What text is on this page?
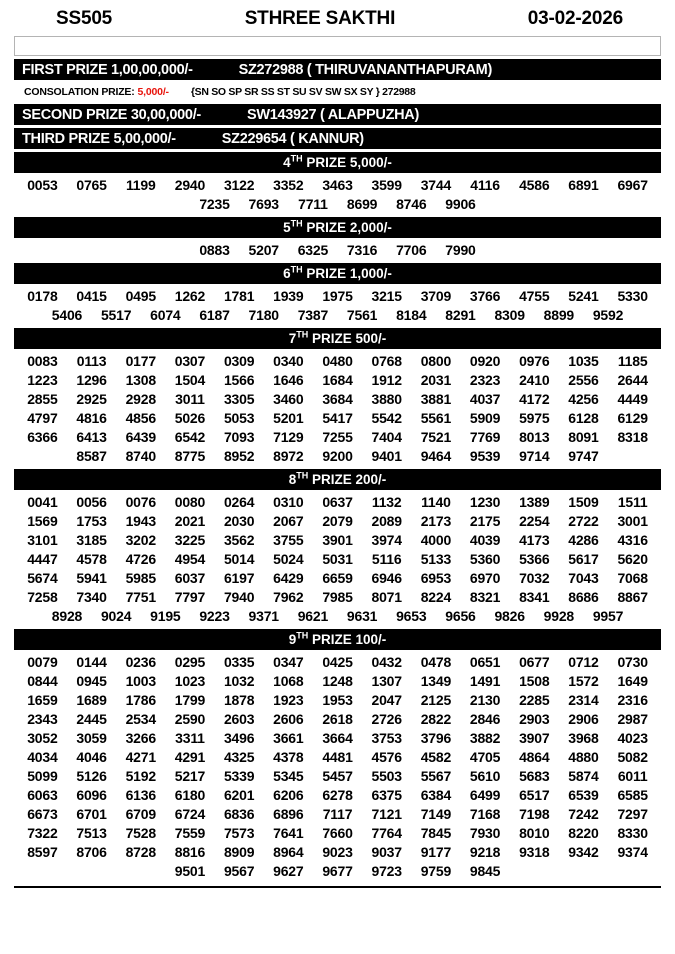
SS505	STHREE SAKTHI	03-02-2026
FIRST PRIZE 1,00,00,000/-	SZ272988 ( THIRUVANANTHAPURAM)
CONSOLATION PRIZE: 5,000/-	{SN SO SP SR SS ST SU SV SW SX SY } 272988
SECOND PRIZE 30,00,000/-	SW143927 ( ALAPPUZHA)
THIRD PRIZE 5,00,000/-	SZ229654 ( KANNUR)
4TH PRIZE 5,000/-
0053	0765	1199	2940	3122	3352	3463	3599	3744	4116	4586	6891	6967
7235	7693	7711	8699	8746	9906
5TH PRIZE 2,000/-
0883	5207	6325	7316	7706	7990
6TH PRIZE 1,000/-
0178	0415	0495	1262	1781	1939	1975	3215	3709	3766	4755	5241	5330
5406	5517	6074	6187	7180	7387	7561	8184	8291	8309	8899	9592
7TH PRIZE 500/-
0083	0113	0177	0307	0309	0340	0480	0768	0800	0920	0976	1035	1185
1223	1296	1308	1504	1566	1646	1684	1912	2031	2323	2410	2556	2644
2855	2925	2928	3011	3305	3460	3684	3880	3881	4037	4172	4256	4449
4797	4816	4856	5026	5053	5201	5417	5542	5561	5909	5975	6128	6129
6366	6413	6439	6542	7093	7129	7255	7404	7521	7769	8013	8091	8318
8587	8740	8775	8952	8972	9200	9401	9464	9539	9714	9747
8TH PRIZE 200/-
0041	0056	0076	0080	0264	0310	0637	1132	1140	1230	1389	1509	1511
1569	1753	1943	2021	2030	2067	2079	2089	2173	2175	2254	2722	3001
3101	3185	3202	3225	3562	3755	3901	3974	4000	4039	4173	4286	4316
4447	4578	4726	4954	5014	5024	5031	5116	5133	5360	5366	5617	5620
5674	5941	5985	6037	6197	6429	6659	6946	6953	6970	7032	7043	7068
7258	7340	7751	7797	7940	7962	7985	8071	8224	8321	8341	8686	8867
8928	9024	9195	9223	9371	9621	9631	9653	9656	9826	9928	9957
9TH PRIZE 100/-
0079	0144	0236	0295	0335	0347	0425	0432	0478	0651	0677	0712	0730
0844	0945	1003	1023	1032	1068	1248	1307	1349	1491	1508	1572	1649
1659	1689	1786	1799	1878	1923	1953	2047	2125	2130	2285	2314	2316
2343	2445	2534	2590	2603	2606	2618	2726	2822	2846	2903	2906	2987
3052	3059	3266	3311	3496	3661	3664	3753	3796	3882	3907	3968	4023
4034	4046	4271	4291	4325	4378	4481	4576	4582	4705	4864	4880	5082
5099	5126	5192	5217	5339	5345	5457	5503	5567	5610	5683	5874	6011
6063	6096	6136	6180	6201	6206	6278	6375	6384	6499	6517	6539	6585
6673	6701	6709	6724	6836	6896	7117	7121	7149	7168	7198	7242	7297
7322	7513	7528	7559	7573	7641	7660	7764	7845	7930	8010	8220	8330
8597	8706	8728	8816	8909	8964	9023	9037	9177	9218	9318	9342	9374
9501	9567	9627	9677	9723	9759	9845
